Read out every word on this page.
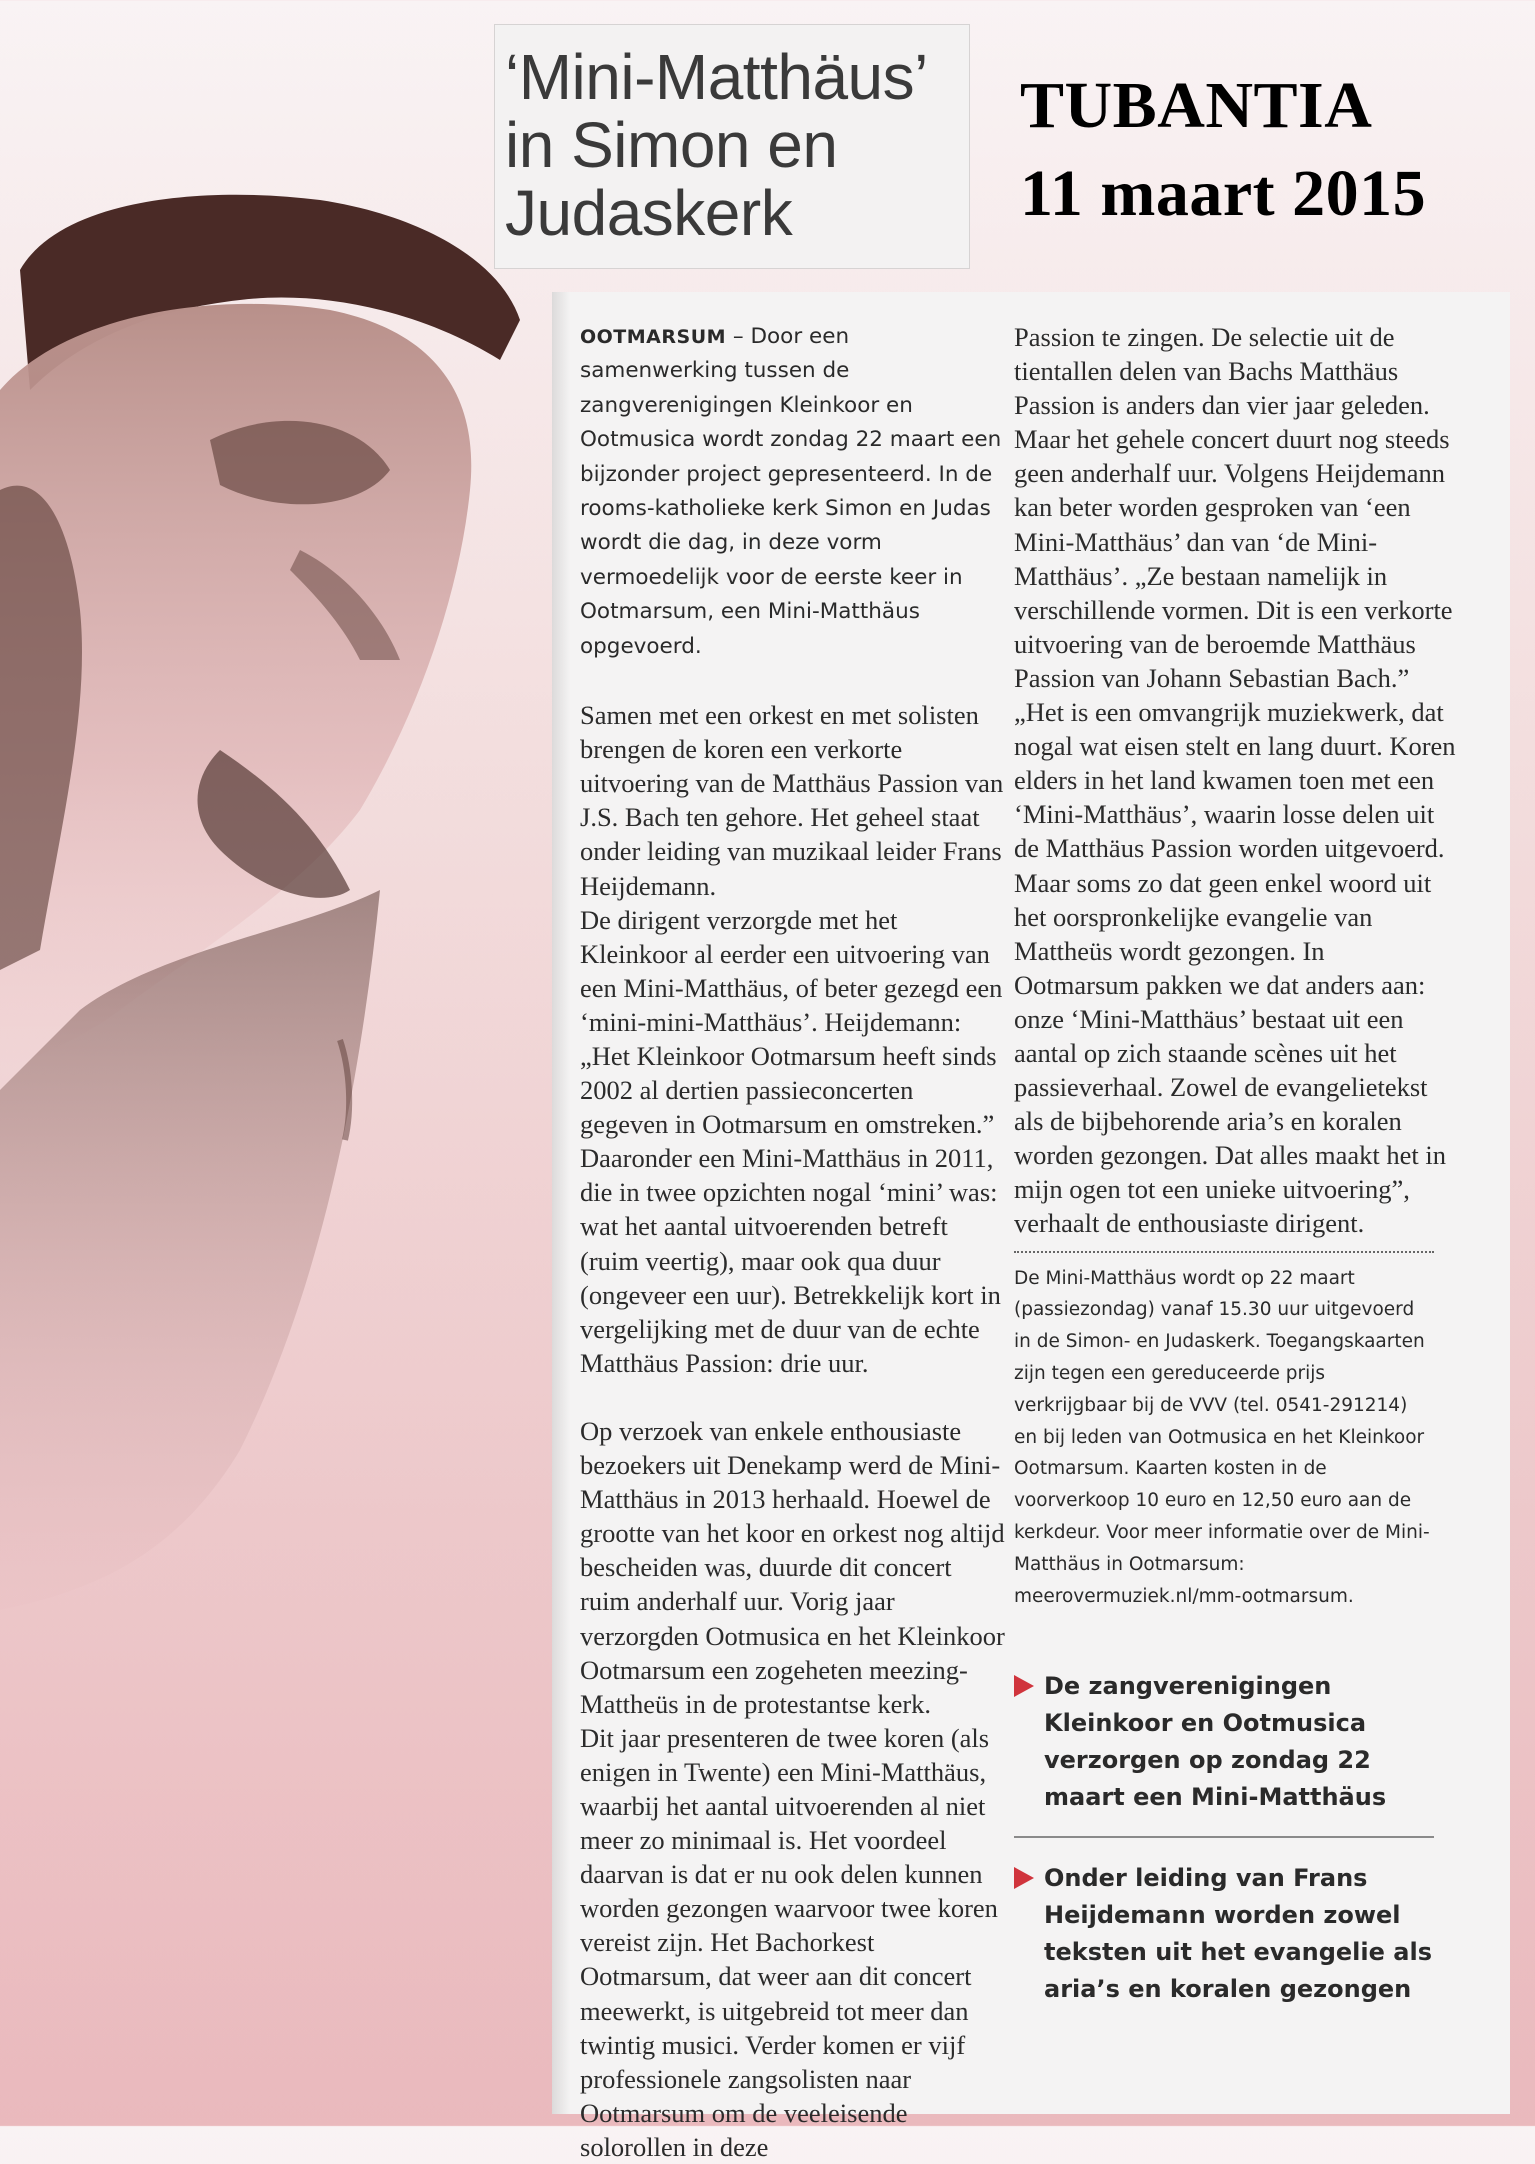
‘Mini-Matthäus’
in Simon en
Judaskerk
TUBANTIA
11 maart 2015

OOTMARSUM – Door een samenwerking tussen de zangverenigingen Kleinkoor en Ootmusica wordt zondag 22 maart een bijzonder project gepresenteerd. In de rooms-katholieke kerk Simon en Judas wordt die dag, in deze vorm vermoedelijk voor de eerste keer in Ootmarsum, een Mini-Matthäus opgevoerd.

Samen met een orkest en met solisten brengen de koren een verkorte uitvoering van de Matthäus Passion van J.S. Bach ten gehore. Het geheel staat onder leiding van muzikaal leider Frans Heijdemann.

De dirigent verzorgde met het Kleinkoor al eerder een uitvoering van een Mini-Matthäus, of beter gezegd een ‘mini-mini-Matthäus’. Heijdemann: „Het Kleinkoor Ootmarsum heeft sinds 2002 al dertien passieconcerten gegeven in Ootmarsum en omstreken.” Daaronder een Mini-Matthäus in 2011, die in twee opzichten nogal ‘mini’ was: wat het aantal uitvoerenden betreft (ruim veertig), maar ook qua duur (ongeveer een uur). Betrekkelijk kort in vergelijking met de duur van de echte Matthäus Passion: drie uur.

Op verzoek van enkele enthousiaste bezoekers uit Denekamp werd de Mini-Matthäus in 2013 herhaald. Hoewel de grootte van het koor en orkest nog altijd bescheiden was, duurde dit concert ruim anderhalf uur. Vorig jaar verzorgden Ootmusica en het Kleinkoor Ootmarsum een zogeheten meezing-Mattheüs in de protestantse kerk.

Dit jaar presenteren de twee koren (als enigen in Twente) een Mini-Matthäus, waarbij het aantal uitvoerenden al niet meer zo minimaal is. Het voordeel daarvan is dat er nu ook delen kunnen worden gezongen waarvoor twee koren vereist zijn. Het Bachorkest Ootmarsum, dat weer aan dit concert meewerkt, is uitgebreid tot meer dan twintig musici. Verder komen er vijf professionele zangsolisten naar Ootmarsum om de veeleisende solorollen in deze

Passion te zingen. De selectie uit de tientallen delen van Bachs Matthäus Passion is anders dan vier jaar geleden. Maar het gehele concert duurt nog steeds geen anderhalf uur. Volgens Heijdemann kan beter worden gesproken van ‘een Mini-Matthäus’ dan van ‘de Mini-Matthäus’. „Ze bestaan namelijk in verschillende vormen. Dit is een verkorte uitvoering van de beroemde Matthäus Passion van Johann Sebastian Bach.”

„Het is een omvangrijk muziekwerk, dat nogal wat eisen stelt en lang duurt. Koren elders in het land kwamen toen met een ‘Mini-Matthäus’, waarin losse delen uit de Matthäus Passion worden uitgevoerd. Maar soms zo dat geen enkel woord uit het oorspronkelijke evangelie van Mattheüs wordt gezongen. In Ootmarsum pakken we dat anders aan: onze ‘Mini-Matthäus’ bestaat uit een aantal op zich staande scènes uit het passieverhaal. Zowel de evangelietekst als de bijbehorende aria’s en koralen worden gezongen. Dat alles maakt het in mijn ogen tot een unieke uitvoering”, verhaalt de enthousiaste dirigent.

De Mini-Matthäus wordt op 22 maart (passiezondag) vanaf 15.30 uur uitgevoerd in de Simon- en Judaskerk. Toegangskaarten zijn tegen een gereduceerde prijs verkrijgbaar bij de VVV (tel. 0541-291214) en bij leden van Ootmusica en het Kleinkoor Ootmarsum. Kaarten kosten in de voorverkoop 10 euro en 12,50 euro aan de kerkdeur. Voor meer informatie over de Mini-Matthäus in Ootmarsum: meerovermuziek.nl/mm-ootmarsum.

De zangverenigingen Kleinkoor en Ootmusica verzorgen op zondag 22 maart een Mini-Matthäus
Onder leiding van Frans Heijdemann worden zowel teksten uit het evangelie als aria’s en koralen gezongen
